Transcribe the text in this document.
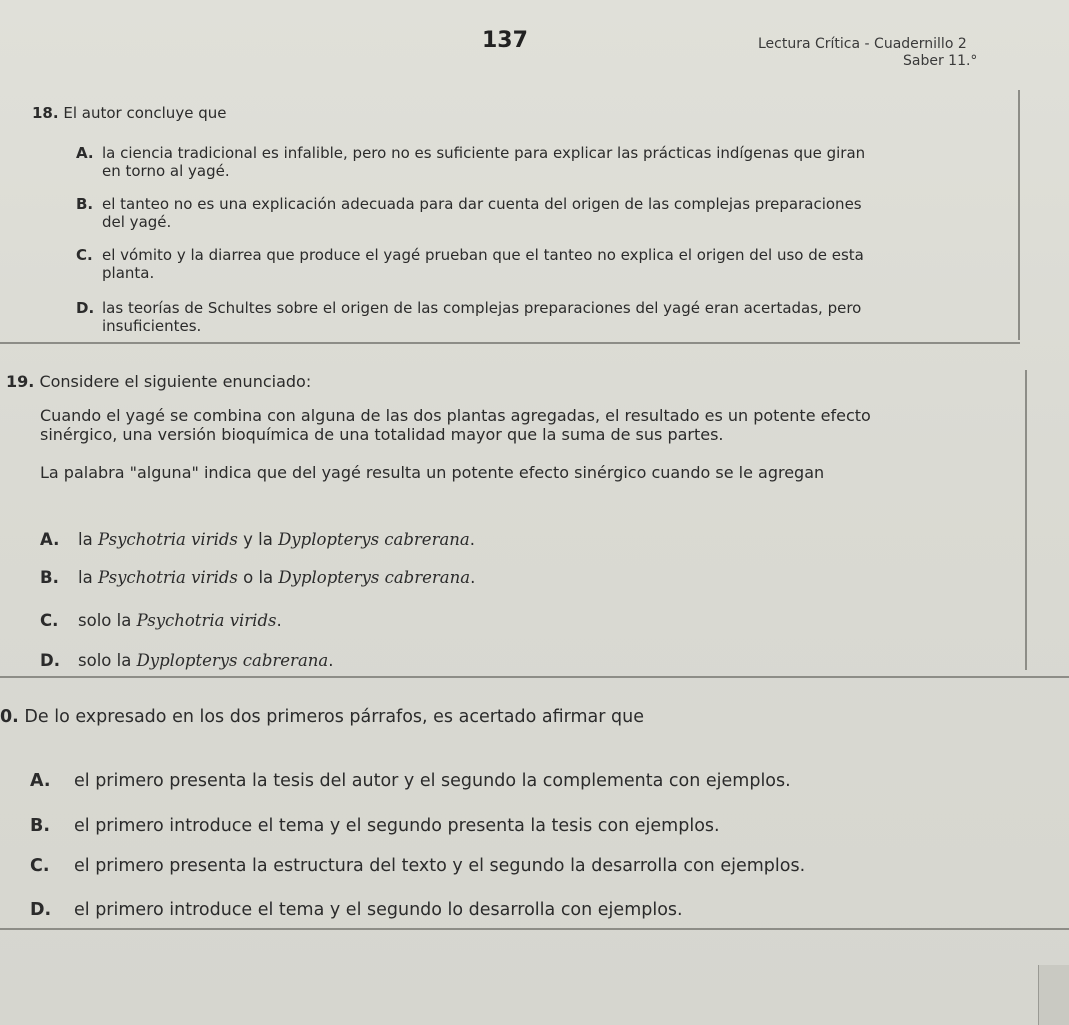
137	Lectura Crítica - Cuadernillo 2
Saber 11.°
18. El autor concluye que
A. la ciencia tradicional es infalible, pero no es suficiente para explicar las prácticas indígenas que giran
en torno al yagé.
B. el tanteo no es una explicación adecuada para dar cuenta del origen de las complejas preparaciones
del yagé.
C. el vómito y la diarrea que produce el yagé prueban que el tanteo no explica el origen del uso de esta
planta.
D. las teorías de Schultes sobre el origen de las complejas preparaciones del yagé eran acertadas, pero
insuficientes.
19. Considere el siguiente enunciado:
Cuando el yagé se combina con alguna de las dos plantas agregadas, el resultado es un potente efecto
sinérgico, una versión bioquímica de una totalidad mayor que la suma de sus partes.
La palabra "alguna" indica que del yagé resulta un potente efecto sinérgico cuando se le agregan
A. la Psychotria virids y la Dyplopterys cabrerana.
B. la Psychotria virids o la Dyplopterys cabrerana.
C. solo la Psychotria virids.
D. solo la Dyplopterys cabrerana.
0. De lo expresado en los dos primeros párrafos, es acertado afirmar que
A. el primero presenta la tesis del autor y el segundo la complementa con ejemplos.
B. el primero introduce el tema y el segundo presenta la tesis con ejemplos.
C. el primero presenta la estructura del texto y el segundo la desarrolla con ejemplos.
D. el primero introduce el tema y el segundo lo desarrolla con ejemplos.
